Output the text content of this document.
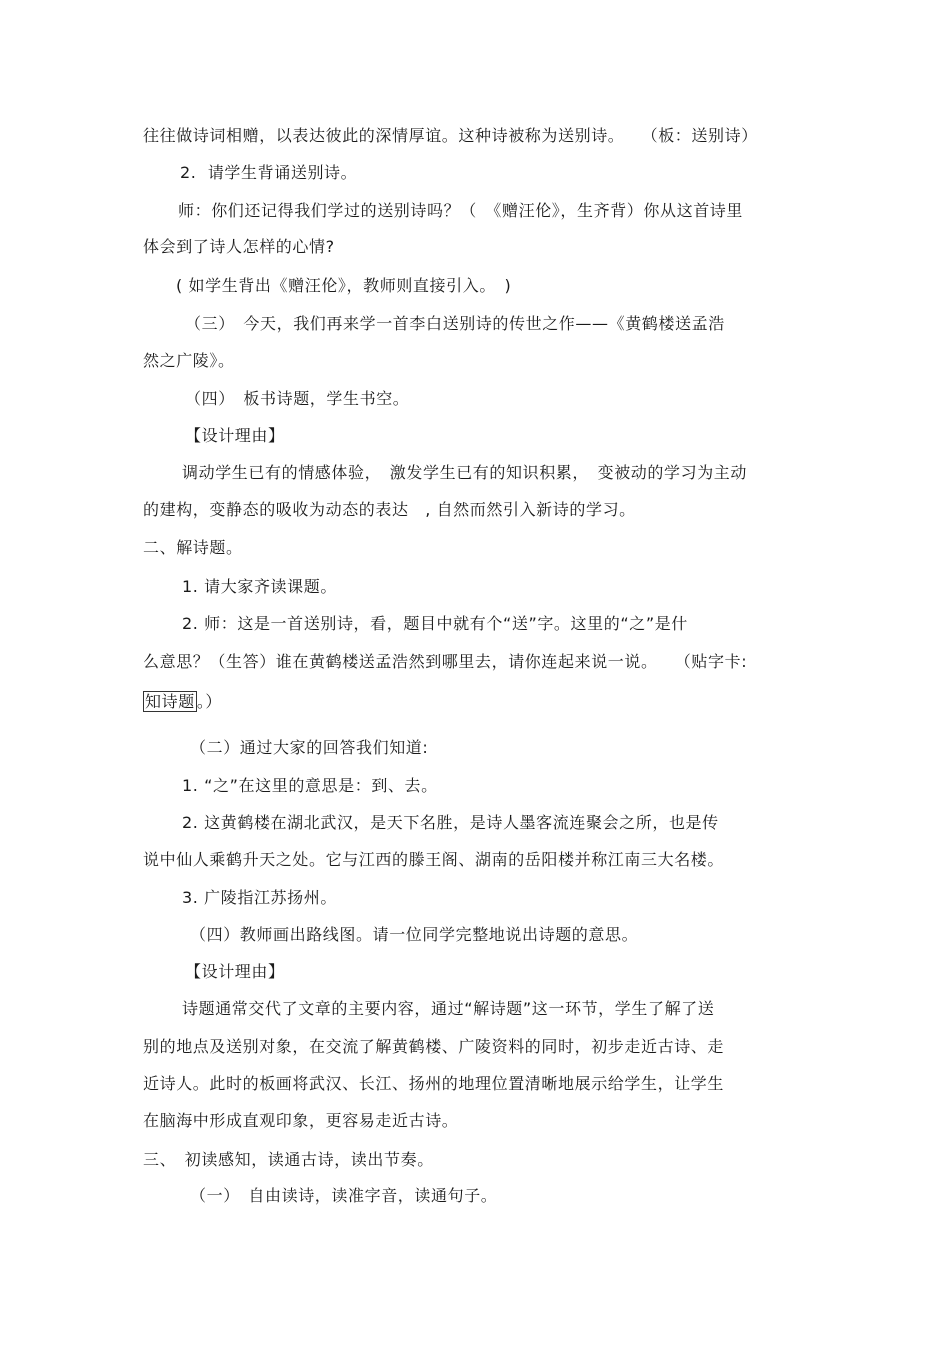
往往做诗词相赠，以表达彼此的深情厚谊。这种诗被称为送别诗。　　（板：送别诗）
2.  请学生背诵送别诗。
师：你们还记得我们学过的送别诗吗？（　《赠汪伦》，生齐背）你从这首诗里
体会到了诗人怎样的心情?
( 如学生背出《赠汪伦》，教师则直接引入。　)
（三）　今天，我们再来学一首李白送别诗的传世之作——《黄鹤楼送孟浩
然之广陵》。
（四）　板书诗题，学生书空。
【设计理由】
调动学生已有的情感体验，　激发学生已有的知识积累，　变被动的学习为主动
的建构，变静态的吸收为动态的表达　, 自然而然引入新诗的学习。
二、解诗题。
1. 请大家齐读课题。
2. 师：这是一首送别诗，看，题目中就有个“送”字。这里的“之”是什
么意思？（生答）谁在黄鹤楼送孟浩然到哪里去，请你连起来说一说。　　（贴字卡:
知诗题 。）
（二）通过大家的回答我们知道:
1. “之”在这里的意思是：到、去。
2. 这黄鹤楼在湖北武汉，是天下名胜，是诗人墨客流连聚会之所，也是传
说中仙人乘鹤升天之处。它与江西的滕王阁、湖南的岳阳楼并称江南三大名楼。
3. 广陵指江苏扬州。
（四）教师画出路线图。请一位同学完整地说出诗题的意思。
【设计理由】
诗题通常交代了文章的主要内容，通过“解诗题”这一环节，学生了解了送
别的地点及送别对象，在交流了解黄鹤楼、广陵资料的同时，初步走近古诗、走
近诗人。此时的板画将武汉、长江、扬州的地理位置清晰地展示给学生，让学生
在脑海中形成直观印象，更容易走近古诗。
三、　初读感知，读通古诗，读出节奏。
（一）　自由读诗，读准字音，读通句子。
